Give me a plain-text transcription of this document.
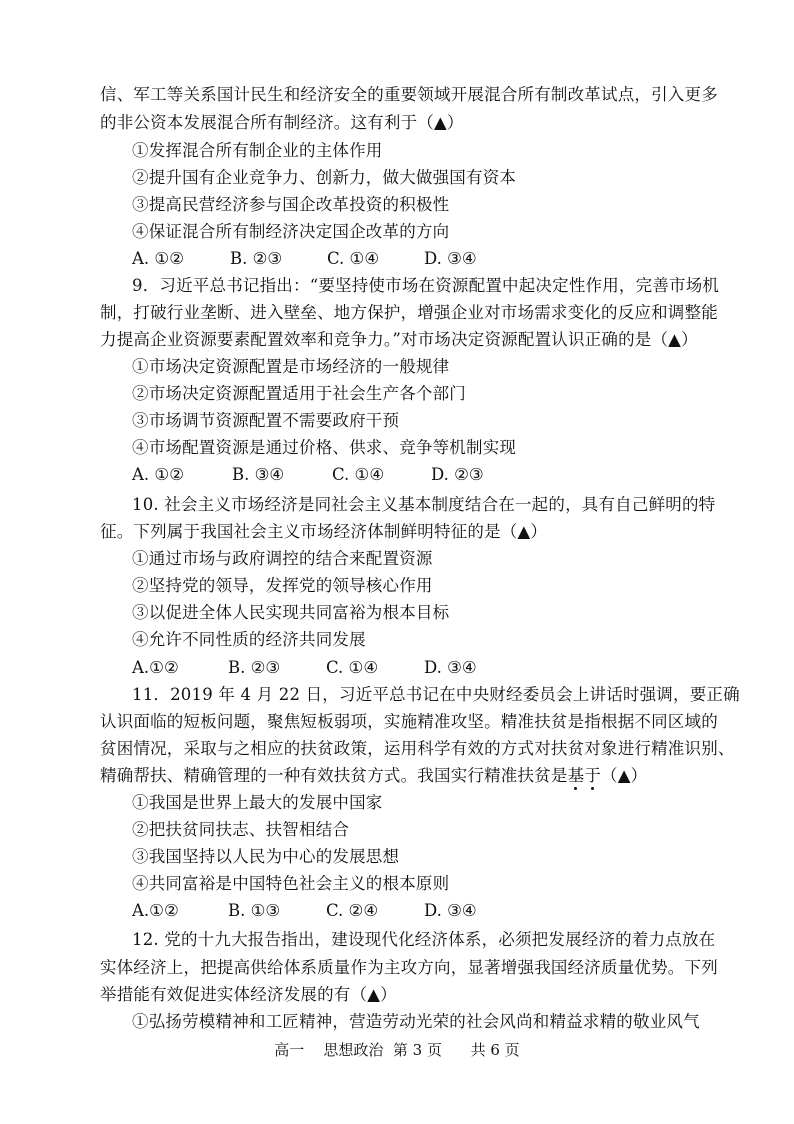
信、军工等关系国计民生和经济安全的重要领域开展混合所有制改革试点，引入更多
的非公资本发展混合所有制经济。这有利于（▲）
①发挥混合所有制企业的主体作用
②提升国有企业竞争力、创新力，做大做强国有资本
③提高民营经济参与国企改革投资的积极性
④保证混合所有制经济决定国企改革的方向
A. ①②	B. ②③	C. ①④	D. ③④
9．习近平总书记指出：“要坚持使市场在资源配置中起决定性作用，完善市场机
制，打破行业垄断、进入壁垒、地方保护，增强企业对市场需求变化的反应和调整能
力提高企业资源要素配置效率和竞争力。”对市场决定资源配置认识正确的是（▲）
①市场决定资源配置是市场经济的一般规律
②市场决定资源配置适用于社会生产各个部门
③市场调节资源配置不需要政府干预
④市场配置资源是通过价格、供求、竞争等机制实现
A. ①②	B. ③④	C. ①④	D. ②③
10. 社会主义市场经济是同社会主义基本制度结合在一起的，具有自己鲜明的特
征。下列属于我国社会主义市场经济体制鲜明特征的是（▲）
①通过市场与政府调控的结合来配置资源
②坚持党的领导，发挥党的领导核心作用
③以促进全体人民实现共同富裕为根本目标
④允许不同性质的经济共同发展
A.①②	B. ②③	C. ①④	D. ③④
11．2019 年 4 月 22 日，习近平总书记在中央财经委员会上讲话时强调，要正确
认识面临的短板问题，聚焦短板弱项，实施精准攻坚。精准扶贫是指根据不同区域的
贫困情况，采取与之相应的扶贫政策，运用科学有效的方式对扶贫对象进行精准识别、
精确帮扶、精确管理的一种有效扶贫方式。我国实行精准扶贫是基于（▲）
①我国是世界上最大的发展中国家
②把扶贫同扶志、扶智相结合
③我国坚持以人民为中心的发展思想
④共同富裕是中国特色社会主义的根本原则
A.①②	B. ①③	C. ②④	D. ③④
12. 党的十九大报告指出，建设现代化经济体系，必须把发展经济的着力点放在
实体经济上，把提高供给体系质量作为主攻方向，显著增强我国经济质量优势。下列
举措能有效促进实体经济发展的有（▲）
①弘扬劳模精神和工匠精神，营造劳动光荣的社会风尚和精益求精的敬业风气
高一    思想政治  第 3 页      共 6 页
